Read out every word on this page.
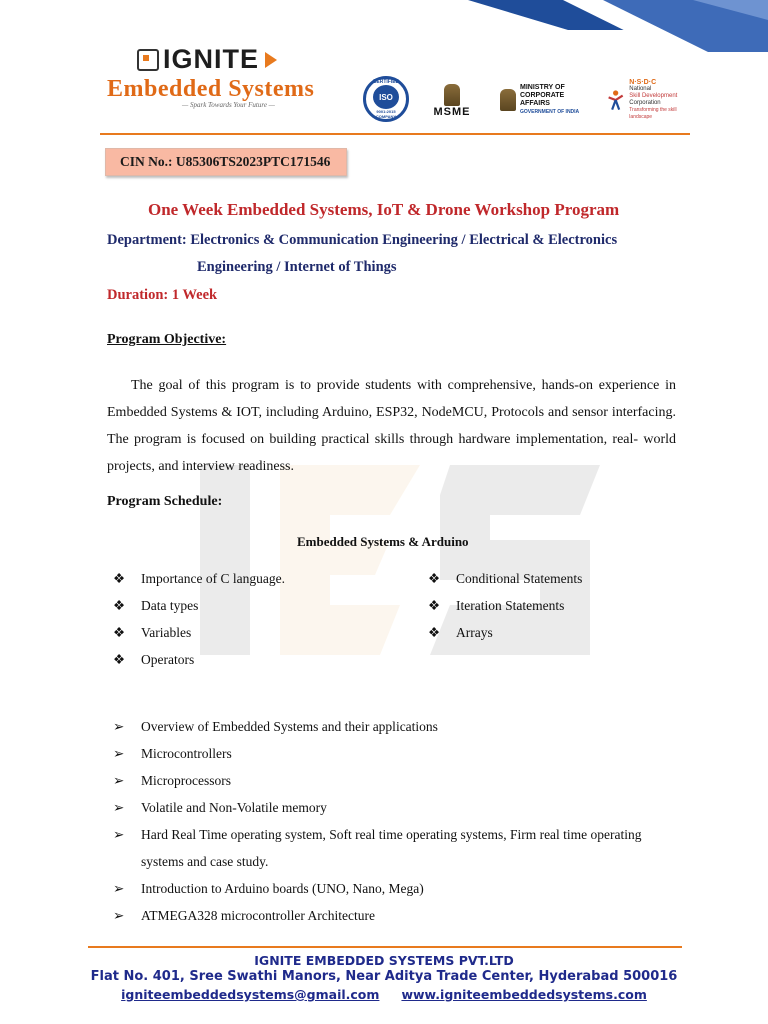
IGNITE
Embedded Systems
— Spark Towards Your Future —
CERTIFIED
ISO
9001:2015
COMPANY	MSME
MINISTRY OF
CORPORATE
AFFAIRS
GOVERNMENT OF INDIA
N·S·D·C
National
Skill Development
Corporation
Transforming the skill landscape
CIN No.: U85306TS2023PTC171546
One Week Embedded Systems, IoT & Drone Workshop Program
Department: Electronics & Communication Engineering / Electrical & Electronics
Engineering / Internet of Things
Duration: 1 Week
Program Objective:
The goal of this program is to provide students with comprehensive, hands-on experience in Embedded Systems & IOT, including Arduino, ESP32, NodeMCU, Protocols and sensor interfacing. The program is focused on building practical skills through hardware implementation, real- world projects, and interview readiness.
Program Schedule:
Embedded Systems & Arduino
❖	Importance of C language.
❖	Data types
❖	Variables
❖	Operators
❖	Conditional Statements
❖	Iteration Statements
❖	Arrays
➢	Overview of Embedded Systems and their applications
➢	Microcontrollers
➢	Microprocessors
➢	Volatile and Non-Volatile memory
➢	Hard Real Time operating system, Soft real time operating systems, Firm real time operating systems and case study.
➢	Introduction to Arduino boards (UNO, Nano, Mega)
➢	ATMEGA328 microcontroller Architecture
IGNITE EMBEDDED SYSTEMS PVT.LTD
Flat No. 401, Sree Swathi Manors, Near Aditya Trade Center, Hyderabad 500016
igniteembeddedsystems@gmail.com www.igniteembeddedsystems.com
